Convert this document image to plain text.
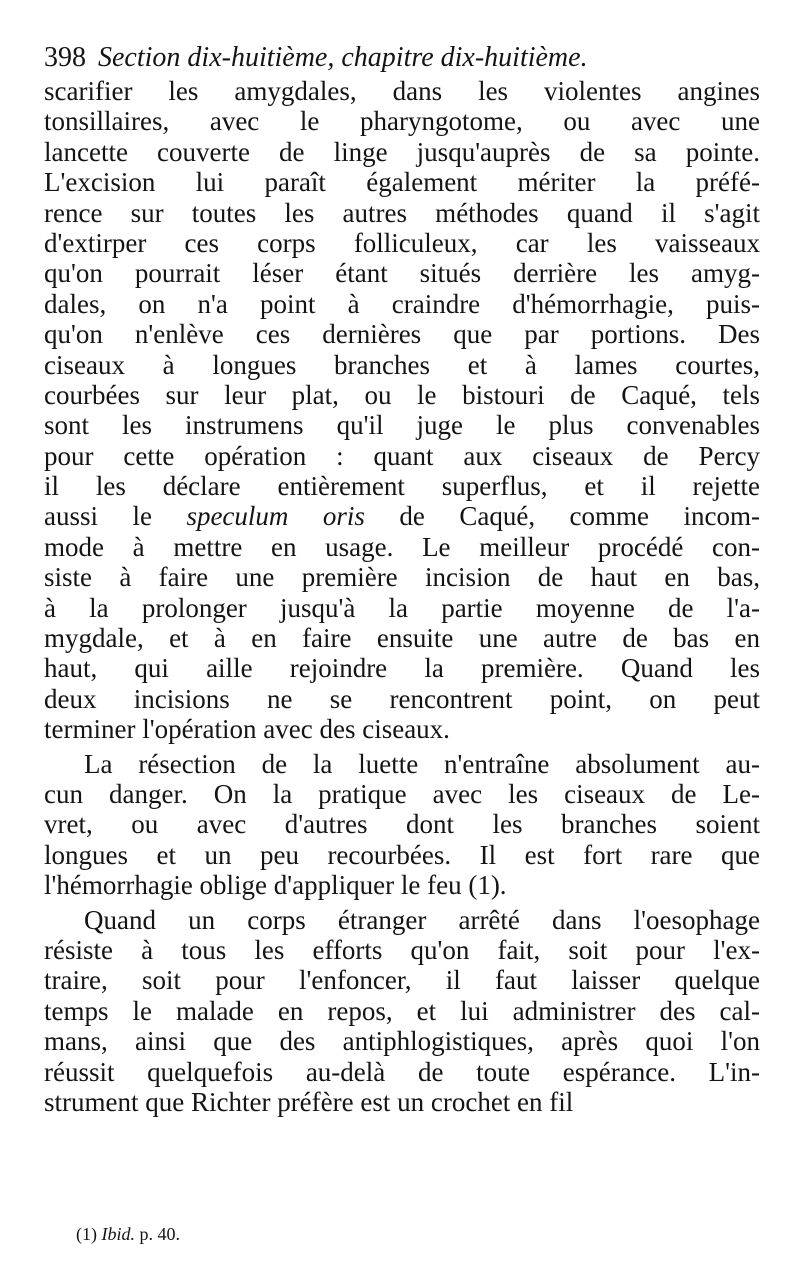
398 Section dix-huitième, chapitre dix-huitième.
scarifier les amygdales, dans les violentes angines
tonsillaires, avec le pharyngotome, ou avec une
lancette couverte de linge jusqu'auprès de sa pointe.
L'excision lui paraît également mériter la préfé-
rence sur toutes les autres méthodes quand il s'agit
d'extirper ces corps folliculeux, car les vaisseaux
qu'on pourrait léser étant situés derrière les amyg-
dales, on n'a point à craindre d'hémorrhagie, puis-
qu'on n'enlève ces dernières que par portions. Des
ciseaux à longues branches et à lames courtes,
courbées sur leur plat, ou le bistouri de Caqué, tels
sont les instrumens qu'il juge le plus convenables
pour cette opération : quant aux ciseaux de Percy
il les déclare entièrement superflus, et il rejette
aussi le speculum oris de Caqué, comme incom-
mode à mettre en usage. Le meilleur procédé con-
siste à faire une première incision de haut en bas,
à la prolonger jusqu'à la partie moyenne de l'a-
mygdale, et à en faire ensuite une autre de bas en
haut, qui aille rejoindre la première. Quand les
deux incisions ne se rencontrent point, on peut
terminer l'opération avec des ciseaux.
La résection de la luette n'entraîne absolument au-
cun danger. On la pratique avec les ciseaux de Le-
vret, ou avec d'autres dont les branches soient
longues et un peu recourbées. Il est fort rare que
l'hémorrhagie oblige d'appliquer le feu (1).
Quand un corps étranger arrêté dans l'oesophage
résiste à tous les efforts qu'on fait, soit pour l'ex-
traire, soit pour l'enfoncer, il faut laisser quelque
temps le malade en repos, et lui administrer des cal-
mans, ainsi que des antiphlogistiques, après quoi l'on
réussit quelquefois au-delà de toute espérance. L'in-
strument que Richter préfère est un crochet en fil
(1) Ibid. p. 40.
